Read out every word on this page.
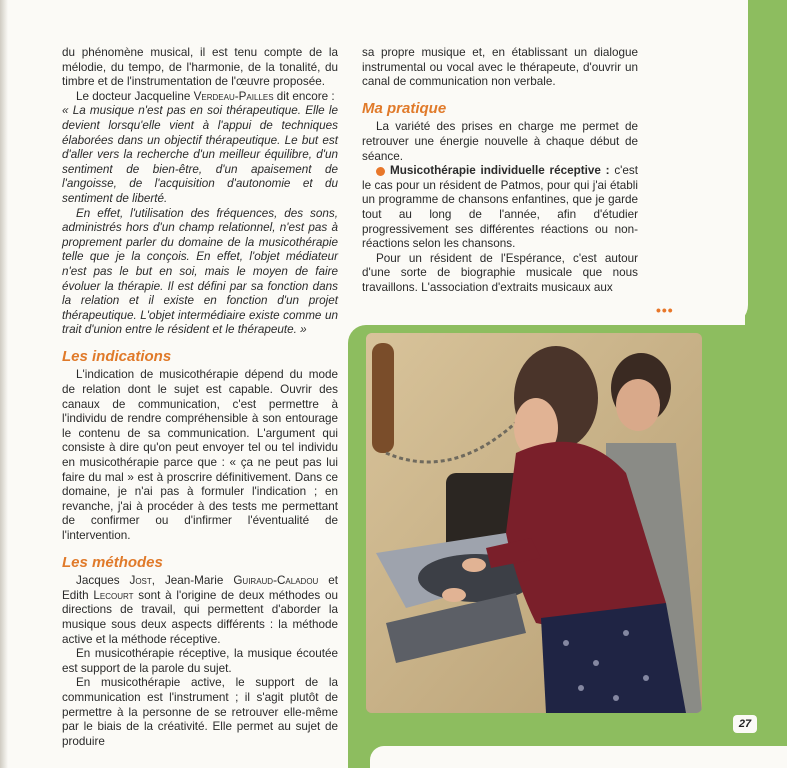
du phénomène musical, il est tenu compte de la mélodie, du tempo, de l'harmonie, de la tonalité, du timbre et de l'instrumentation de l'œuvre proposée.

Le docteur Jacqueline Verdeau-Pailles dit encore :

« La musique n'est pas en soi thérapeutique. Elle le devient lorsqu'elle vient à l'appui de techniques élaborées dans un objectif thérapeutique. Le but est d'aller vers la recherche d'un meilleur équilibre, d'un sentiment de bien-être, d'un apaisement de l'angoisse, de l'acquisition d'autonomie et du sentiment de liberté.

En effet, l'utilisation des fréquences, des sons, administrés hors d'un champ relationnel, n'est pas à proprement parler du domaine de la musicothérapie telle que je la conçois. En effet, l'objet médiateur n'est pas le but en soi, mais le moyen de faire évoluer la thérapie. Il est défini par sa fonction dans la relation et il existe en fonction d'un projet thérapeutique. L'objet intermédiaire existe comme un trait d'union entre le résident et le thérapeute. »

Les indications

L'indication de musicothérapie dépend du mode de relation dont le sujet est capable. Ouvrir des canaux de communication, c'est permettre à l'individu de rendre compréhensible à son entourage le contenu de sa communication. L'argument qui consiste à dire qu'on peut envoyer tel ou tel individu en musicothérapie parce que : « ça ne peut pas lui faire du mal » est à proscrire définitivement. Dans ce domaine, je n'ai pas à formuler l'indication ; en revanche, j'ai à procéder à des tests me permettant de confirmer ou d'infirmer l'éventualité de l'intervention.

Les méthodes

Jacques Jost, Jean-Marie Guiraud-Caladou et Edith Lecourt sont à l'origine de deux méthodes ou directions de travail, qui permettent d'aborder la musique sous deux aspects différents : la méthode active et la méthode réceptive.

En musicothérapie réceptive, la musique écoutée est support de la parole du sujet.

En musicothérapie active, le support de la communication est l'instrument ; il s'agit plutôt de permettre à la personne de se retrouver elle-même par le biais de la créativité. Elle permet au sujet de produire

sa propre musique et, en établissant un dialogue instrumental ou vocal avec le thérapeute, d'ouvrir un canal de communication non verbale.

Ma pratique

La variété des prises en charge me permet de retrouver une énergie nouvelle à chaque début de séance.

Musicothérapie individuelle réceptive : c'est le cas pour un résident de Patmos, pour qui j'ai établi un programme de chansons enfantines, que je garde tout au long de l'année, afin d'étudier progressivement ses différentes réactions ou non-réactions selon les chansons.

Pour un résident de l'Espérance, c'est autour d'une sorte de biographie musicale que nous travaillons. L'association d'extraits musicaux aux

•••
27
